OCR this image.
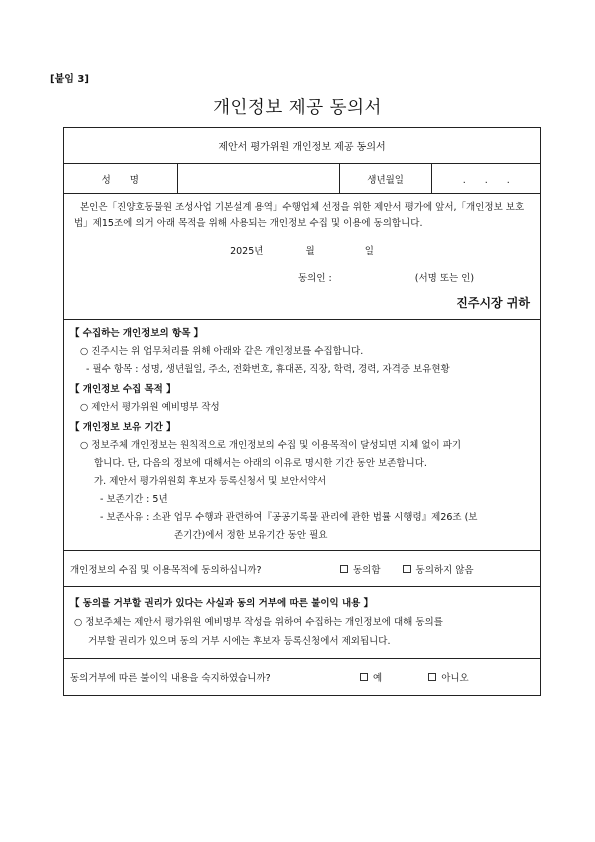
[붙임 3]
개인정보 제공 동의서
제안서 평가위원 개인정보 제공 동의서
성　　명	생년월일	.　　.　　.

본인은「진양호동물원 조성사업 기본설계 용역」수행업체 선정을 위한 제안서 평가에 앞서,「개인정보 보호법」제15조에 의거 아래 목적을 위해 사용되는 개인정보 수집 및 이용에 동의합니다.

2025년	월	일
동의인 :	(서명 또는 인)
진주시장 귀하
【 수집하는 개인정보의 항목 】
○ 진주시는 위 업무처리를 위해 아래와 같은 개인정보를 수집합니다.
- 필수 항목 : 성명, 생년월일, 주소, 전화번호, 휴대폰, 직장, 학력, 경력, 자격증 보유현황
【 개인정보 수집 목적 】
○ 제안서 평가위원 예비명부 작성
【 개인정보 보유 기간 】
○ 정보주체 개인정보는 원칙적으로 개인정보의 수집 및 이용목적이 달성되면 지체 없이 파기
합니다. 단, 다음의 정보에 대해서는 아래의 이유로 명시한 기간 동안 보존합니다.
가. 제안서 평가위원회 후보자 등록신청서 및 보안서약서
- 보존기간 : 5년
- 보존사유 : 소관 업무 수행과 관련하여『공공기록물 관리에 관한 법률 시행령』제26조 (보
존기간)에서 정한 보유기간 동안 필요
개인정보의 수집 및 이용목적에 동의하십니까?	동의함	동의하지 않음
【 동의를 거부할 권리가 있다는 사실과 동의 거부에 따른 불이익 내용 】
○ 정보주체는 제안서 평가위원 예비명부 작성을 위하여 수집하는 개인정보에 대해 동의를
거부할 권리가 있으며 동의 거부 시에는 후보자 등록신청에서 제외됩니다.
동의거부에 따른 불이익 내용을 숙지하였습니까?	예	아니오
